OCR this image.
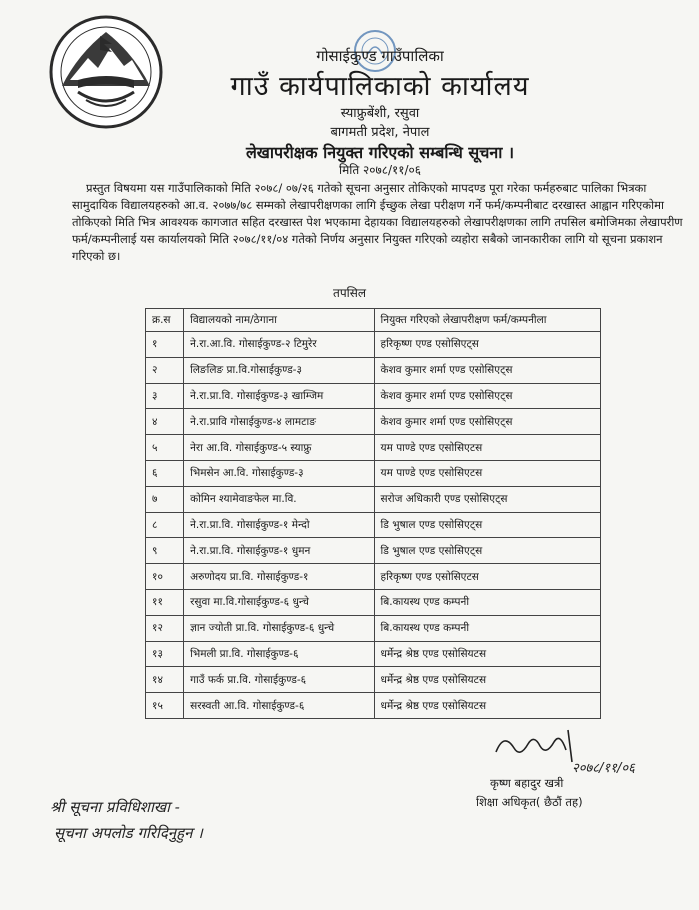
गोसाईकुण्ड गाउँपालिका
गाउँ कार्यपालिकाको कार्यालय
स्याफ्रुबेंशी, रसुवा
बागमती प्रदेश, नेपाल
लेखापरीक्षक नियुक्त गरिएको सम्बन्धि सूचना ।
मिति २०७८/११/०६
प्रस्तुत विषयमा यस गाउँपालिकाको मिति २०७८/ ०७/२६ गतेको सूचना अनुसार तोकिएको मापदण्ड पूरा गरेका फर्महरुबाट पालिका भित्रका सामुदायिक विद्यालयहरुको आ.व. २०७७/७८ सम्मको लेखापरीक्षणका लागि ईच्छुक लेखा परीक्षण गर्ने फर्म/कम्पनीबाट दरखास्त आह्वान गरिएकोमा तोकिएको मिति भित्र आवश्यक कागजात सहित दरखास्त पेश भएकामा देहायका विद्यालयहरुको लेखापरीक्षणका लागि तपसिल बमोजिमका लेखापरीण फर्म/कम्पनीलाई यस कार्यालयको मिति २०७८/११/०४ गतेको निर्णय अनुसार नियुक्त गरिएको व्यहोरा सबैको जानकारीका लागि यो सूचना प्रकाशन गरिएको छ।
तपसिल
क्र.स	विद्यालयको नाम/ठेगाना	नियुक्त गरिएको लेखापरीक्षण फर्म/कम्पनीला
१	ने.रा.आ.वि. गोसाईकुण्ड-२ टिमुरेर	हरिकृष्ण एण्ड एसोसिएट्स
२	लिङलिङ प्रा.वि.गोसाईकुण्ड-३	केशव कुमार शर्मा एण्ड एसोसिएट्स
३	ने.रा.प्रा.वि. गोसाईकुण्ड-३ खाम्जिम	केशव कुमार शर्मा एण्ड एसोसिएट्स
४	ने.रा.प्रावि गोसाईकुण्ड-४ लामटाङ	केशव कुमार शर्मा एण्ड एसोसिएट्स
५	नेरा आ.वि. गोसाईकुण्ड-५ स्याफ्रु	यम पाण्डे एण्ड एसोसिएटस
६	भिमसेन आ.वि. गोसाईकुण्ड-३	यम पाण्डे एण्ड एसोसिएटस
७	कोमिन श्यामेवाङफेल मा.वि.	सरोज अधिकारी एण्ड एसोसिएट्स
८	ने.रा.प्रा.वि. गोसाईकुण्ड-१ मेन्दो	डि भुषाल एण्ड एसोसिएट्स
९	ने.रा.प्रा.वि. गोसाईकुण्ड-१ धुमन	डि भुषाल एण्ड एसोसिएट्स
१०	अरुणोदय प्रा.वि. गोसाईकुण्ड-१	हरिकृष्ण एण्ड एसोसिएटस
११	रसुवा मा.वि.गोसाईकुण्ड-६ धुन्चे	बि.कायस्थ एण्ड कम्पनी
१२	ज्ञान ज्योती प्रा.वि. गोसाईकुण्ड-६ धुन्चे	बि.कायस्थ एण्ड कम्पनी
१३	भिमली प्रा.वि. गोसाईकुण्ड-६	धर्मेन्द्र श्रेष्ठ एण्ड एसोसियटस
१४	गाउँ फर्क प्रा.वि. गोसाईकुण्ड-६	धर्मेन्द्र श्रेष्ठ एण्ड एसोसियटस
१५	सरस्वती आ.वि. गोसाईकुण्ड-६	धर्मेन्द्र श्रेष्ठ एण्ड एसोसियटस
२०७८/११/०६
कृष्ण बहादुर खत्री
शिक्षा अधिकृत( छैठौं तह)
श्री सूचना प्रविधिशाखा -
सूचना अपलोड गरिदिनुहुन ।
